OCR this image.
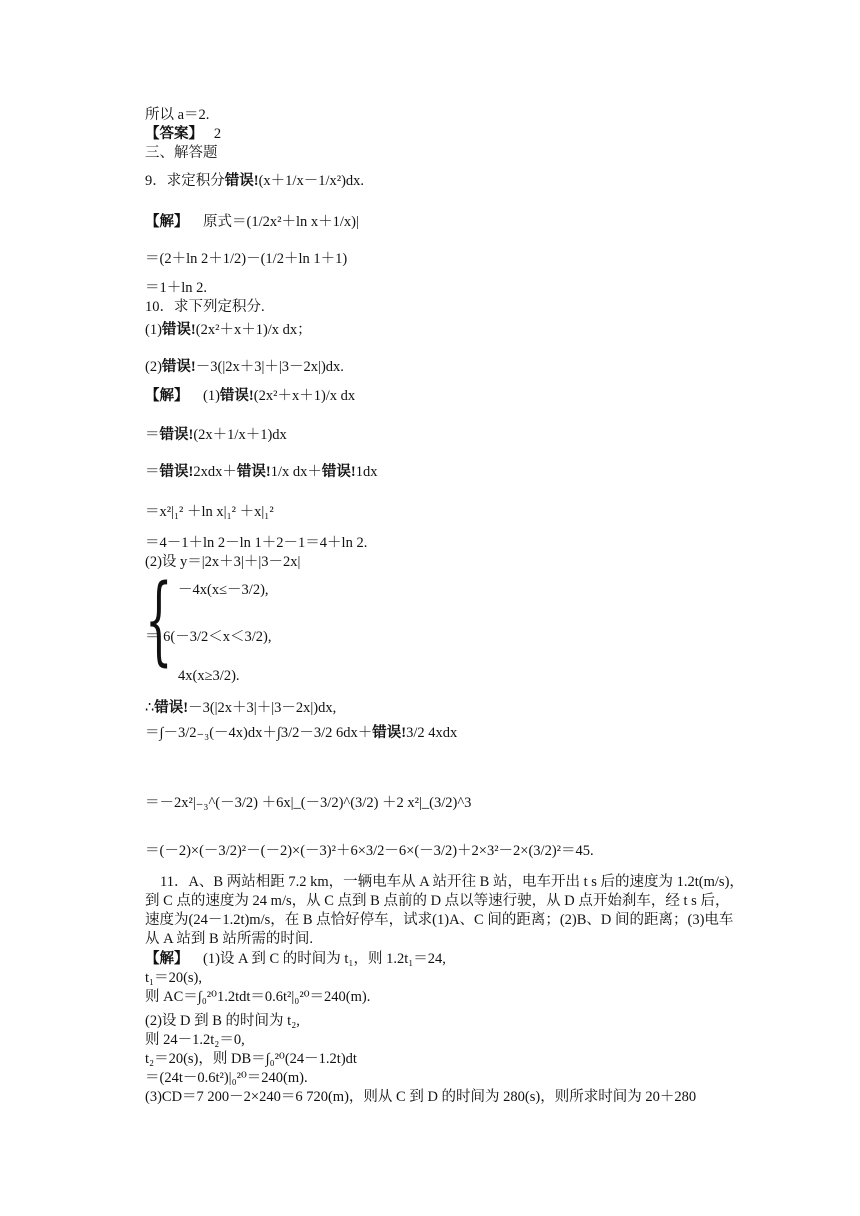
所以 a＝2.
【答案】 2
三、解答题
9．求定积分错误!(x＋1/x－1/x²)dx.
【解】 原式＝(1/2x²＋ln x＋1/x)|
＝(2＋ln 2＋1/2)－(1/2＋ln 1＋1)
＝1＋ln 2.
10．求下列定积分.
(1)错误!(2x²＋x＋1)/x dx；
(2)错误!－3(|2x＋3|＋|3－2x|)dx.
【解】 (1)错误!(2x²＋x＋1)/x dx
＝错误!(2x＋1/x＋1)dx
＝错误!2xdx＋错误!1/x dx＋错误!1dx
＝x²|₁² ＋ln x|₁² ＋x|₁²
＝4－1＋ln 2－ln 1＋2－1＝4＋ln 2.
(2)设 y＝|2x＋3|＋|3－2x|
{ －4x(x≤－3/2),
＝ 6(－3/2＜x＜3/2),
4x(x≥3/2).
∴错误!－3(|2x＋3|＋|3－2x|)dx,
＝∫－3/2₋₃(－4x)dx＋∫3/2－3/2 6dx＋错误!3/2 4xdx
＝－2x²|₋₃^(－3/2) ＋6x|_(－3/2)^(3/2) ＋2 x²|_(3/2)^3
＝(－2)×(－3/2)²－(－2)×(－3)²＋6×3/2－6×(－3/2)＋2×3²－2×(3/2)²＝45.
11．A、B 两站相距 7.2 km，一辆电车从 A 站开往 B 站，电车开出 t s 后的速度为 1.2t(m/s)，
到 C 点的速度为 24 m/s，从 C 点到 B 点前的 D 点以等速行驶，从 D 点开始刹车，经 t s 后，
速度为(24－1.2t)m/s，在 B 点恰好停车，试求(1)A、C 间的距离；(2)B、D 间的距离；(3)电车
从 A 站到 B 站所需的时间.
【解】 (1)设 A 到 C 的时间为 t₁，则 1.2t₁＝24,
t₁＝20(s),
则 AC＝∫₀²⁰1.2tdt＝0.6t²|₀²⁰＝240(m).
(2)设 D 到 B 的时间为 t₂,
则 24－1.2t₂＝0,
t₂＝20(s)，则 DB＝∫₀²⁰(24－1.2t)dt
＝(24t－0.6t²)|₀²⁰＝240(m).
(3)CD＝7 200－2×240＝6 720(m)，则从 C 到 D 的时间为 280(s)，则所求时间为 20＋280
